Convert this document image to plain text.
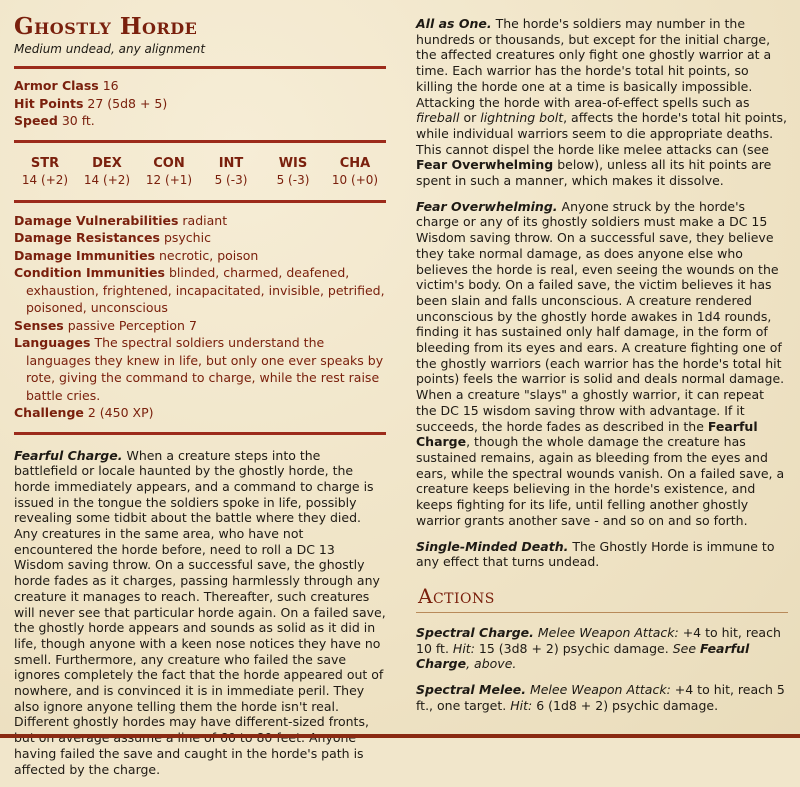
Ghostly Horde
Medium undead, any alignment
Armor Class 16
Hit Points 27 (5d8 + 5)
Speed 30 ft.
STR
14 (+2)
DEX
14 (+2)
CON
12 (+1)
INT
5 (-3)
WIS
5 (-3)
CHA
10 (+0)
Damage Vulnerabilities radiant
Damage Resistances psychic
Damage Immunities necrotic, poison
Condition Immunities blinded, charmed, deafened, exhaustion, frightened, incapacitated, invisible, petrified, poisoned, unconscious
Senses passive Perception 7
Languages The spectral soldiers understand the languages they knew in life, but only one ever speaks by rote, giving the command to charge, while the rest raise battle cries.
Challenge 2 (450 XP)

Fearful Charge. When a creature steps into the battlefield or locale haunted by the ghostly horde, the horde immediately appears, and a command to charge is issued in the tongue the soldiers spoke in life, possibly revealing some tidbit about the battle where they died. Any creatures in the same area, who have not encountered the horde before, need to roll a DC 13 Wisdom saving throw. On a successful save, the ghostly horde fades as it charges, passing harmlessly through any creature it manages to reach. Thereafter, such creatures will never see that particular horde again. On a failed save, the ghostly horde appears and sounds as solid as it did in life, though anyone with a keen nose notices they have no smell. Furthermore, any creature who failed the save ignores completely the fact that the horde appeared out of nowhere, and is convinced it is in immediate peril. They also ignore anyone telling them the horde isn't real. Different ghostly hordes may have different-sized fronts, having failed the save and caught in the horde's path is affected by the charge.

All as One. The horde's soldiers may number in the hundreds or thousands, but except for the initial charge, the affected creatures only fight one ghostly warrior at a time. Each warrior has the horde's total hit points, so killing the horde one at a time is basically impossible. Attacking the horde with area-of-effect spells such as fireball or lightning bolt, affects the horde's total hit points, while individual warriors seem to die appropriate deaths. This cannot dispel the horde like melee attacks can (see Fear Overwhelming below), unless all its hit points are spent in such a manner, which makes it dissolve.

Fear Overwhelming. Anyone struck by the horde's charge or any of its ghostly soldiers must make a DC 15 Wisdom saving throw. On a successful save, they believe they take normal damage, as does anyone else who believes the horde is real, even seeing the wounds on the victim's body. On a failed save, the victim believes it has been slain and falls unconscious. A creature rendered unconscious by the ghostly horde awakes in 1d4 rounds, finding it has sustained only half damage, in the form of bleeding from its eyes and ears. A creature fighting one of the ghostly warriors (each warrior has the horde's total hit points) feels the warrior is solid and deals normal damage. When a creature "slays" a ghostly warrior, it can repeat the DC 15 wisdom saving throw with advantage. If it succeeds, the horde fades as described in the Fearful Charge, though the whole damage the creature has sustained remains, again as bleeding from the eyes and ears, while the spectral wounds vanish. On a failed save, a creature keeps believing in the horde's existence, and keeps fighting for its life, until felling another ghostly warrior grants another save - and so on and so forth.

Single-Minded Death. The Ghostly Horde is immune to any effect that turns undead.

Actions

Spectral Charge. Melee Weapon Attack: +4 to hit, reach 10 ft. Hit: 15 (3d8 + 2) psychic damage. See Fearful Charge, above.

Spectral Melee. Melee Weapon Attack: +4 to hit, reach 5 ft., one target. Hit: 6 (1d8 + 2) psychic damage.
